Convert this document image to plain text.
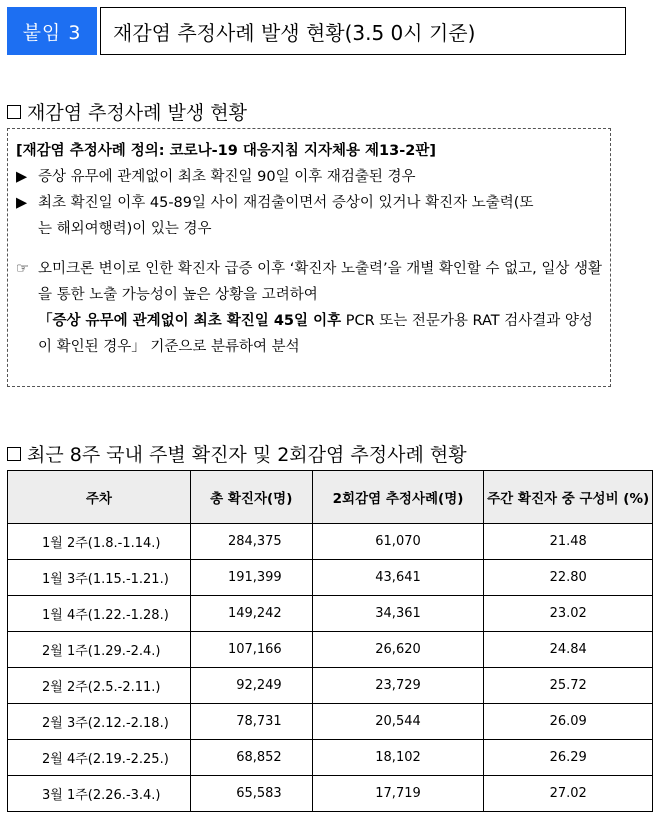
붙임 3	재감염 추정사례 발생 현황(3.5 0시 기준)
재감염 추정사례 발생 현황
[재감염 추정사례 정의: 코로나-19 대응지침 지자체용 제13-2판]
▶ 증상 유무에 관계없이 최초 확진일 90일 이후 재검출된 경우
▶ 최초 확진일 이후 45-89일 사이 재검출이면서 증상이 있거나 확진자 노출력(또
는 해외여행력)이 있는 경우
☞ 오미크론 변이로 인한 확진자 급증 이후 ‘확진자 노출력’을 개별 확인할 수 없고, 일상 생활을 통한 노출 가능성이 높은 상황을 고려하여
「증상 유무에 관계없이 최초 확진일 45일 이후 PCR 또는 전문가용 RAT 검사결과 양성이 확인된 경우」 기준으로 분류하여 분석
최근 8주 국내 주별 확진자 및 2회감염 추정사례 현황
주차	총 확진자(명)	2회감염 추정사례(명)	주간 확진자 중 구성비 (%)
1월 2주(1.8.-1.14.)	284,375	61,070	21.48
1월 3주(1.15.-1.21.)	191,399	43,641	22.80
1월 4주(1.22.-1.28.)	149,242	34,361	23.02
2월 1주(1.29.-2.4.)	107,166	26,620	24.84
2월 2주(2.5.-2.11.)	92,249	23,729	25.72
2월 3주(2.12.-2.18.)	78,731	20,544	26.09
2월 4주(2.19.-2.25.)	68,852	18,102	26.29
3월 1주(2.26.-3.4.)	65,583	17,719	27.02
